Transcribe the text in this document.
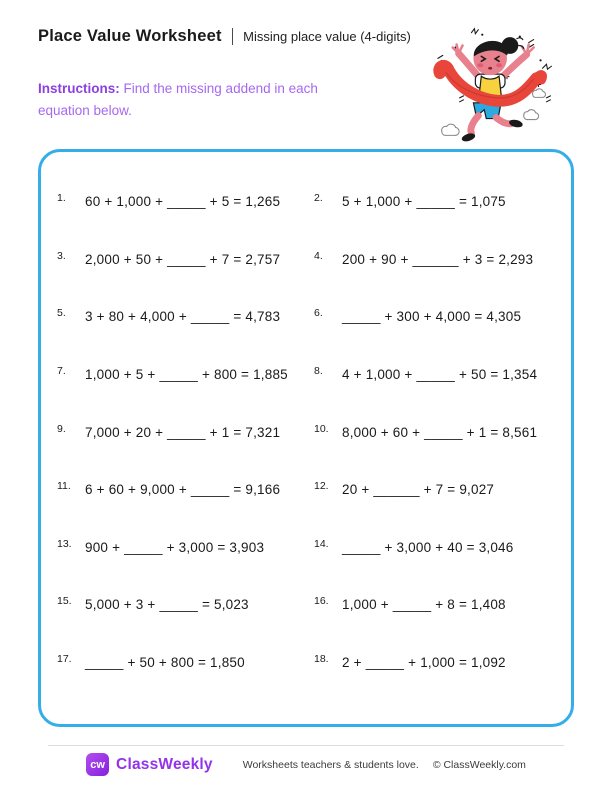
Place Value Worksheet Missing place value (4-digits)

Instructions: Find the missing addend in each equation below.

1.	60 + 1,000 + _____ + 5 = 1,265	2.	5 + 1,000 + _____ = 1,075
3.	2,000 + 50 + _____ + 7 = 2,757	4.	200 + 90 + ______ + 3 = 2,293
5.	3 + 80 + 4,000 + _____ = 4,783	6.	_____ + 300 + 4,000 = 4,305
7.	1,000 + 5 + _____ + 800 = 1,885 8.	4 + 1,000 + _____ + 50 = 1,354
9.	7,000 + 20 + _____ + 1 = 7,321	10. 8,000 + 60 + _____ + 1 = 8,561
11.	6 + 60 + 9,000 + _____ = 9,166	12. 20 + ______ + 7 = 9,027
13. 900 + _____ + 3,000 = 3,903	14. _____ + 3,000 + 40 = 3,046
15. 5,000 + 3 + _____ = 5,023	16. 1,000 + _____ + 8 = 1,408
17. _____ + 50 + 800 = 1,850	18. 2 + _____ + 1,000 = 1,092
cw ClassWeekly	Worksheets teachers & students love. © ClassWeekly.com
